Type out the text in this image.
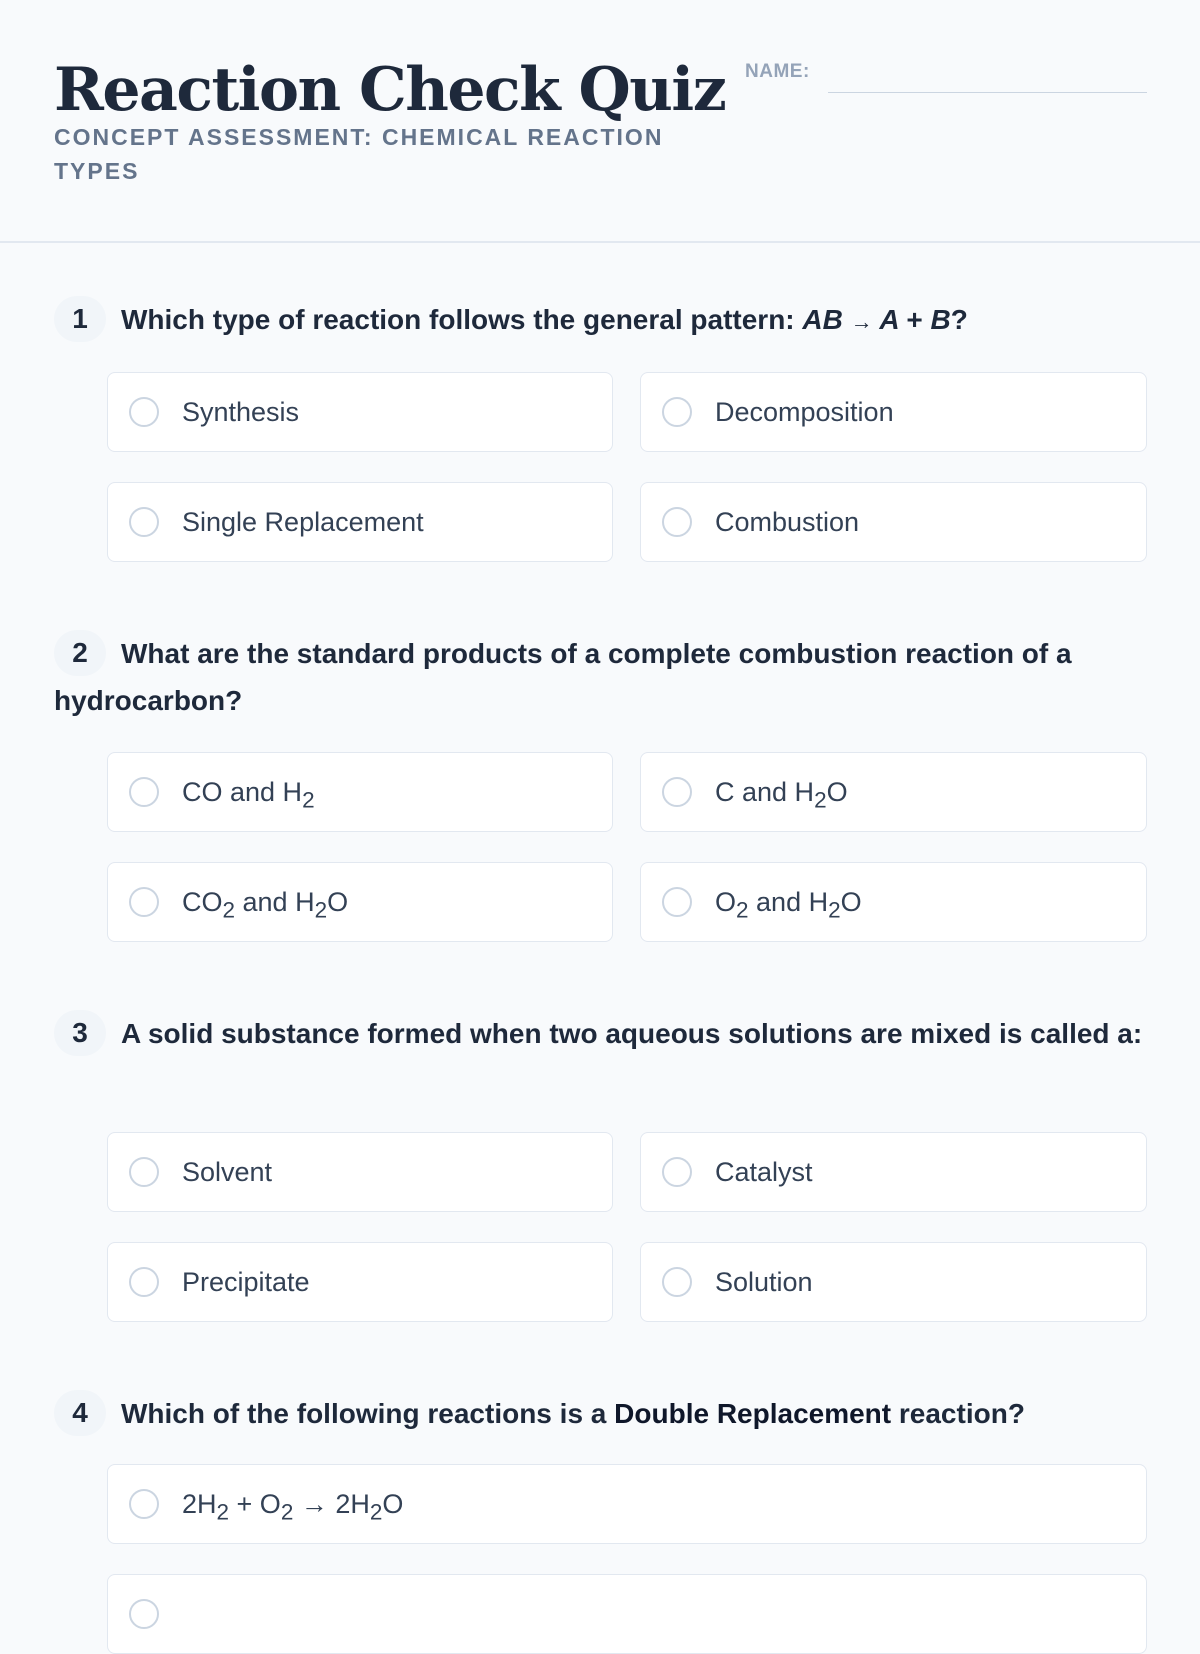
Reaction Check Quiz
CONCEPT ASSESSMENT: CHEMICAL REACTION TYPES
NAME:
1 Which type of reaction follows the general pattern: AB → A + B?
Synthesis	Decomposition
Single Replacement	Combustion
2 What are the standard products of a complete combustion reaction of a hydrocarbon?
CO and $H_2$	C and $H_2O$
$CO_2$ and $H_2O$	$O_2$ and $H_2O$
3 A solid substance formed when two aqueous solutions are mixed is called a:
Solvent	Catalyst
Precipitate	Solution
4 Which of the following reactions is a Double Replacement reaction?
$2H_2 + O_2 \to 2H_2O$
